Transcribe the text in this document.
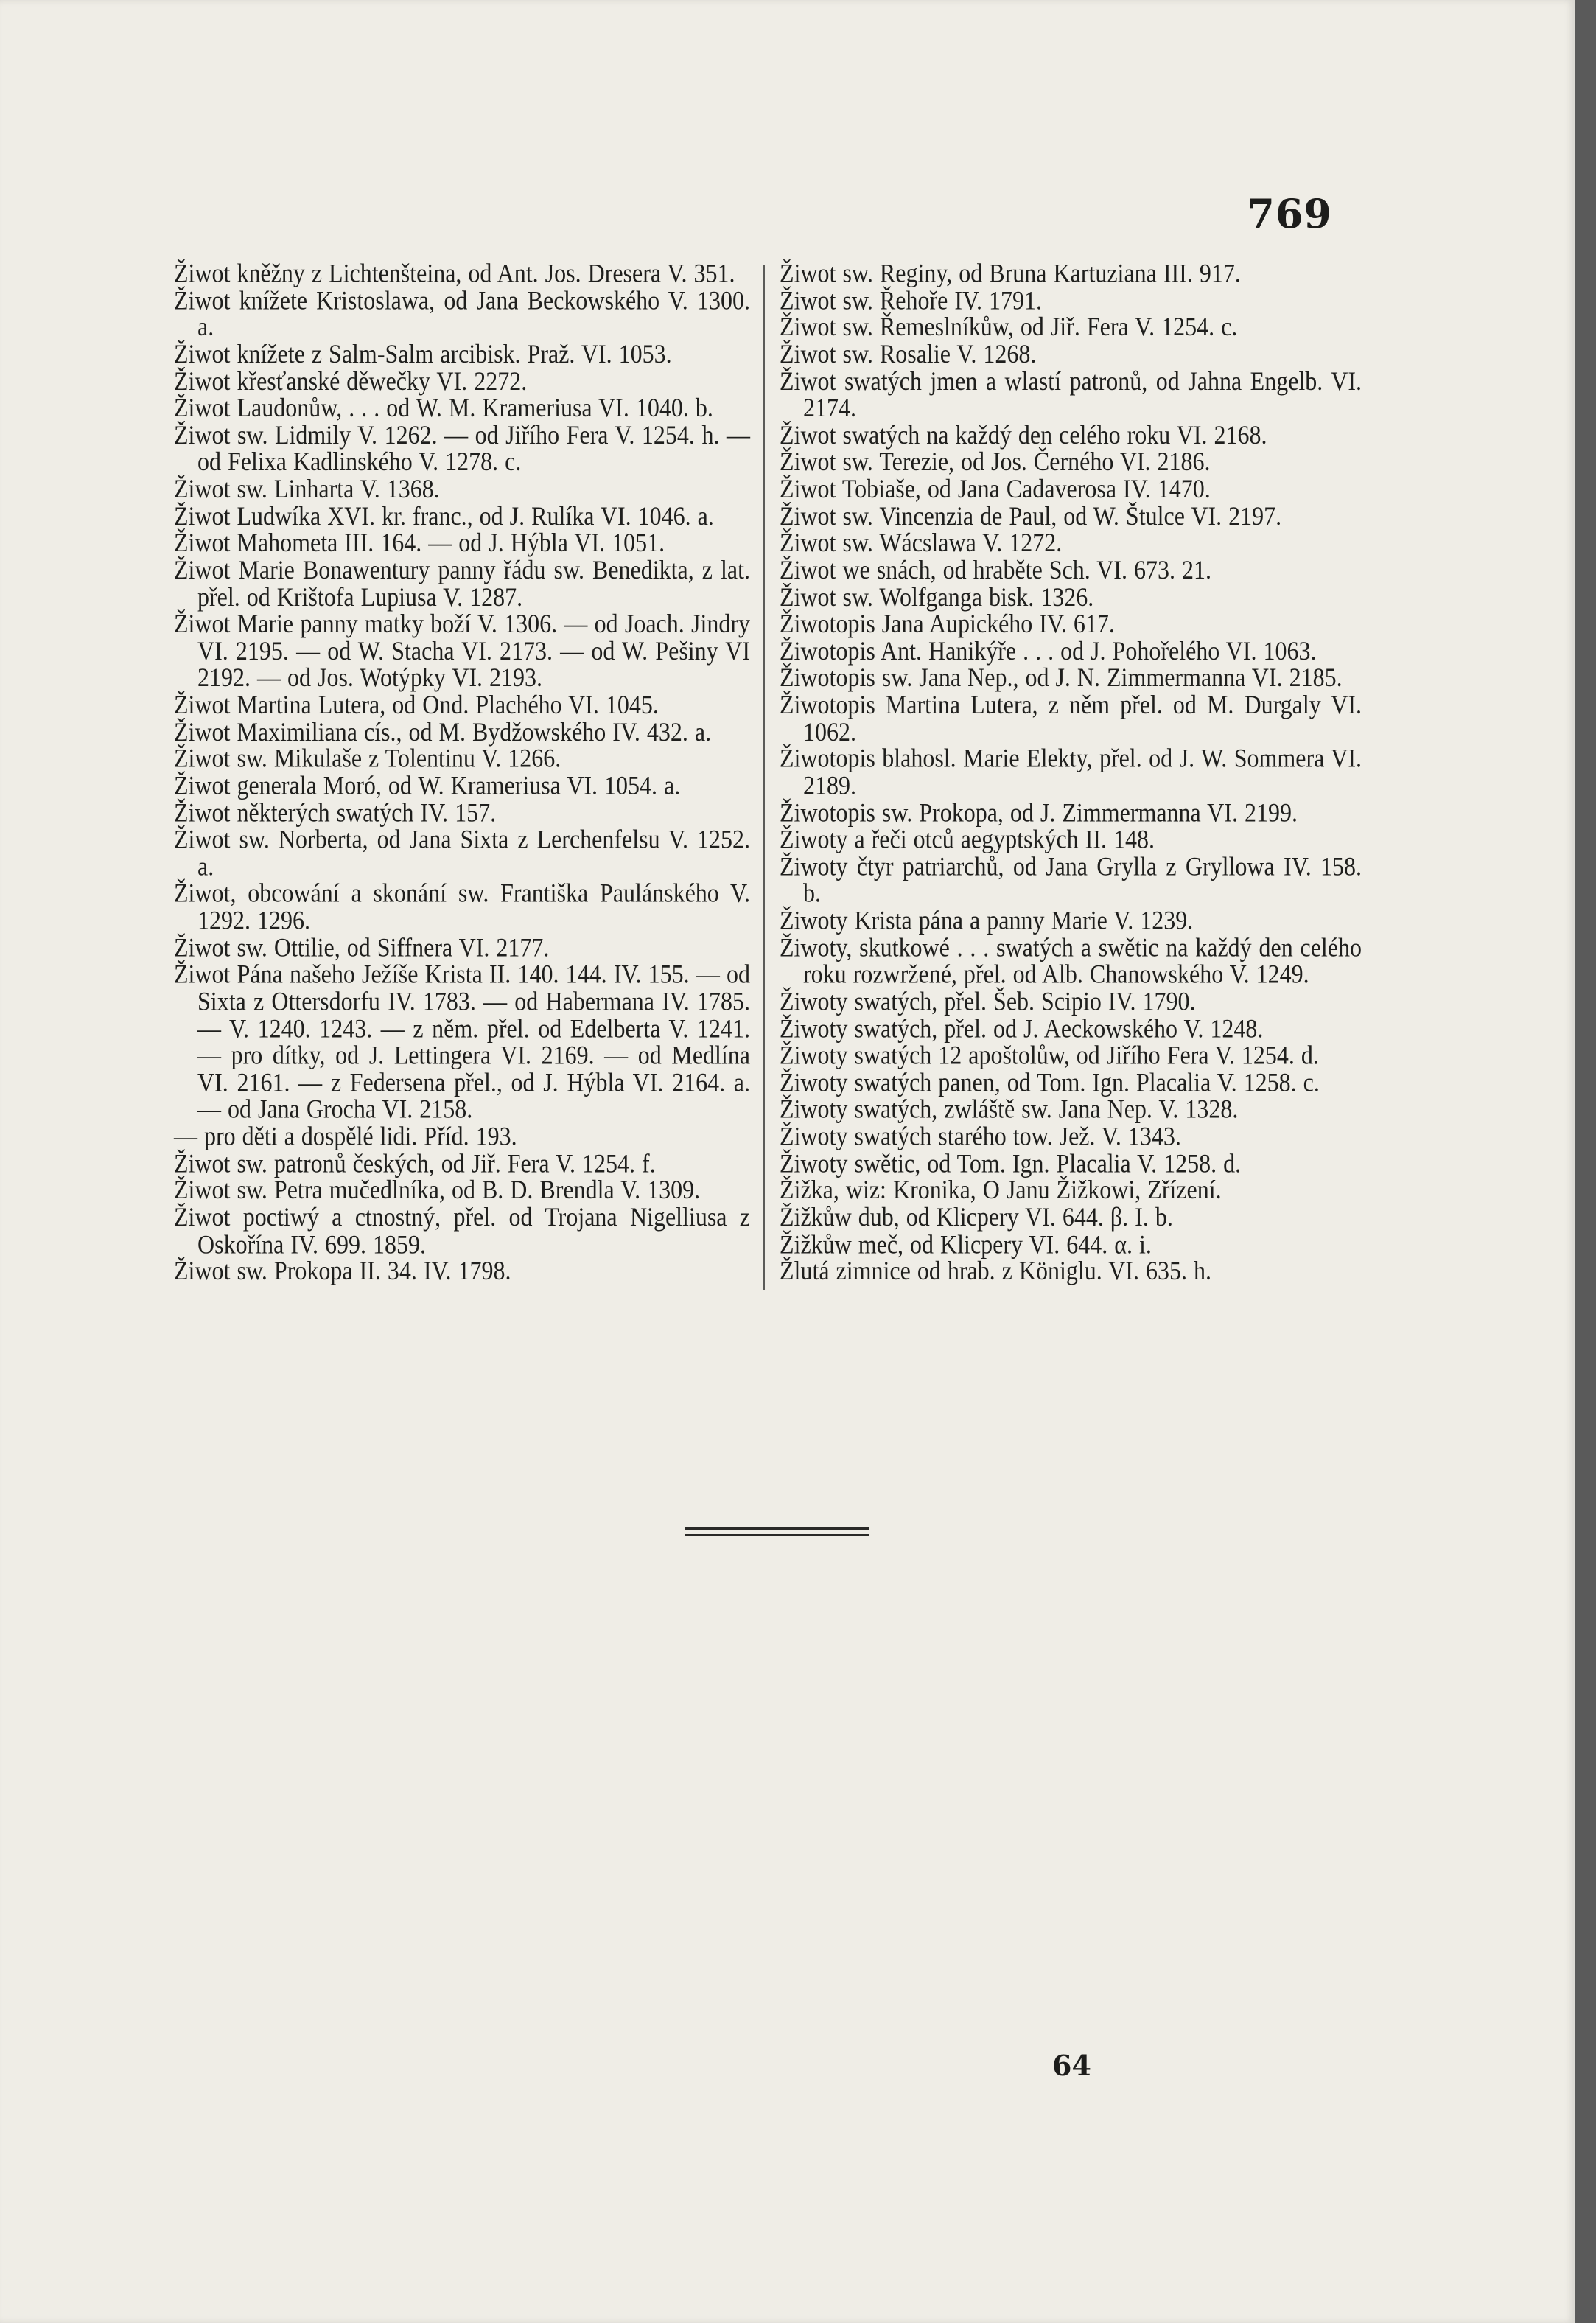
769
Žiwot kněžny z Lichtenšteina, od Ant. Jos. Dresera V. 351.
Žiwot knížete Kristoslawa, od Jana Beckowského V. 1300. a.
Žiwot knížete z Salm-Salm arcibisk. Praž. VI. 1053.
Žiwot křesťanské děwečky VI. 2272.
Žiwot Laudonůw, . . . od W. M. Krameriusa VI. 1040. b.
Žiwot sw. Lidmily V. 1262. — od Jiřího Fera V. 1254. h. — od Felixa Kadlinského V. 1278. c.
Žiwot sw. Linharta V. 1368.
Žiwot Ludwíka XVI. kr. franc., od J. Rulíka VI. 1046. a.
Žiwot Mahometa III. 164. — od J. Hýbla VI. 1051.
Žiwot Marie Bonawentury panny řádu sw. Benedikta, z lat. přel. od Krištofa Lupiusa V. 1287.
Žiwot Marie panny matky boží V. 1306. — od Joach. Jindry VI. 2195. — od W. Stacha VI. 2173. — od W. Pešiny VI 2192. — od Jos. Wotýpky VI. 2193.
Žiwot Martina Lutera, od Ond. Plachého VI. 1045.
Žiwot Maximiliana cís., od M. Bydžowského IV. 432. a.
Žiwot sw. Mikulaše z Tolentinu V. 1266.
Žiwot generala Moró, od W. Krameriusa VI. 1054. a.
Žiwot některých swatých IV. 157.
Žiwot sw. Norberta, od Jana Sixta z Lerchenfelsu V. 1252. a.
Žiwot, obcowání a skonání sw. Františka Paulánského V. 1292. 1296.
Žiwot sw. Ottilie, od Siffnera VI. 2177.
Žiwot Pána našeho Ježíše Krista II. 140. 144. IV. 155. — od Sixta z Ottersdorfu IV. 1783. — od Habermana IV. 1785. — V. 1240. 1243. — z něm. přel. od Edelberta V. 1241. — pro dítky, od J. Lettingera VI. 2169. — od Medlína VI. 2161. — z Federsena přel., od J. Hýbla VI. 2164. a. — od Jana Grocha VI. 2158.
— pro děti a dospělé lidi. Příd. 193.
Žiwot sw. patronů českých, od Jiř. Fera V. 1254. f.
Žiwot sw. Petra mučedlníka, od B. D. Brendla V. 1309.
Žiwot poctiwý a ctnostný, přel. od Trojana Nigelliusa z Oskořína IV. 699. 1859.
Žiwot sw. Prokopa II. 34. IV. 1798.
Žiwot sw. Reginy, od Bruna Kartuziana III. 917.
Žiwot sw. Řehoře IV. 1791.
Žiwot sw. Řemeslníkůw, od Jiř. Fera V. 1254. c.
Žiwot sw. Rosalie V. 1268.
Žiwot swatých jmen a wlastí patronů, od Jahna Engelb. VI. 2174.
Žiwot swatých na každý den celého roku VI. 2168.
Žiwot sw. Terezie, od Jos. Černého VI. 2186.
Žiwot Tobiaše, od Jana Cadaverosa IV. 1470.
Žiwot sw. Vincenzia de Paul, od W. Štulce VI. 2197.
Žiwot sw. Wácslawa V. 1272.
Žiwot we snách, od hraběte Sch. VI. 673. 21.
Žiwot sw. Wolfganga bisk. 1326.
Žiwotopis Jana Aupického IV. 617.
Žiwotopis Ant. Hanikýře . . . od J. Pohořelého VI. 1063.
Žiwotopis sw. Jana Nep., od J. N. Zimmermanna VI. 2185.
Žiwotopis Martina Lutera, z něm přel. od M. Durgaly VI. 1062.
Žiwotopis blahosl. Marie Elekty, přel. od J. W. Sommera VI. 2189.
Žiwotopis sw. Prokopa, od J. Zimmermanna VI. 2199.
Žiwoty a řeči otců aegyptských II. 148.
Žiwoty čtyr patriarchů, od Jana Grylla z Gryllowa IV. 158. b.
Žiwoty Krista pána a panny Marie V. 1239.
Žiwoty, skutkowé . . . swatých a swětic na každý den celého roku rozwržené, přel. od Alb. Chanowského V. 1249.
Žiwoty swatých, přel. Šeb. Scipio IV. 1790.
Žiwoty swatých, přel. od J. Aeckowského V. 1248.
Žiwoty swatých 12 apoštolůw, od Jiřího Fera V. 1254. d.
Žiwoty swatých panen, od Tom. Ign. Placalia V. 1258. c.
Žiwoty swatých, zwláště sw. Jana Nep. V. 1328.
Žiwoty swatých starého tow. Jež. V. 1343.
Žiwoty swětic, od Tom. Ign. Placalia V. 1258. d.
Žižka, wiz: Kronika, O Janu Žižkowi, Zřízení.
Žižkůw dub, od Klicpery VI. 644. β. I. b.
Žižkůw meč, od Klicpery VI. 644. α. i.
Žlutá zimnice od hrab. z Königlu. VI. 635. h.
64
